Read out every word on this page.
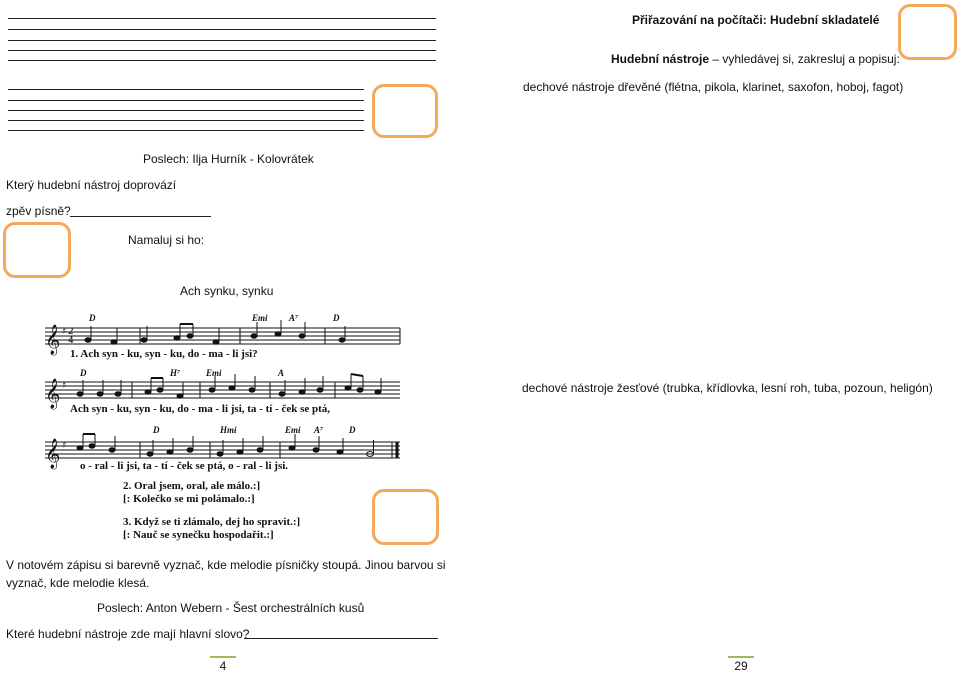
Přiřazování na počítači: Hudební skladatelé
Hudební nástroje – vyhledávej si, zakresluj a popisuj:
dechové nástroje dřevěné (flétna, pikola, klarinet, saxofon, hoboj, fagot)
dechové nástroje žesťové (trubka, křídlovka, lesní roh, tuba, pozoun, heligón)
Poslech: Ilja Hurník - Kolovrátek
Který hudební nástroj doprovází
zpěv písně?
Namaluj si ho:
Ach synku, synku
𝄞
𝄞
𝄞
♯ 2
4
♯
♯
D	Emi A⁷	D
D	H⁷	Emi	A
D	Hmi	Emi A⁷	D
1. Ach syn - ku, syn - ku, do - ma - li jsi?
Ach syn - ku, syn - ku, do - ma - li jsi, ta - tí - ček se ptá,
o - ral - li jsi, ta - tí - ček se ptá, o - ral - li jsi.
2. Oral jsem, oral, ale málo.:]
[: Kolečko se mi polámalo.:]
3. Když se ti zlámalo, dej ho spravit.:]
[: Nauč se synečku hospodařit.:]
V notovém zápisu si barevně vyznač, kde melodie písničky stoupá. Jinou barvou si
vyznač, kde melodie klesá.
Poslech: Anton Webern - Šest orchestrálních kusů
Které hudební nástroje zde mají hlavní slovo?
4	29
